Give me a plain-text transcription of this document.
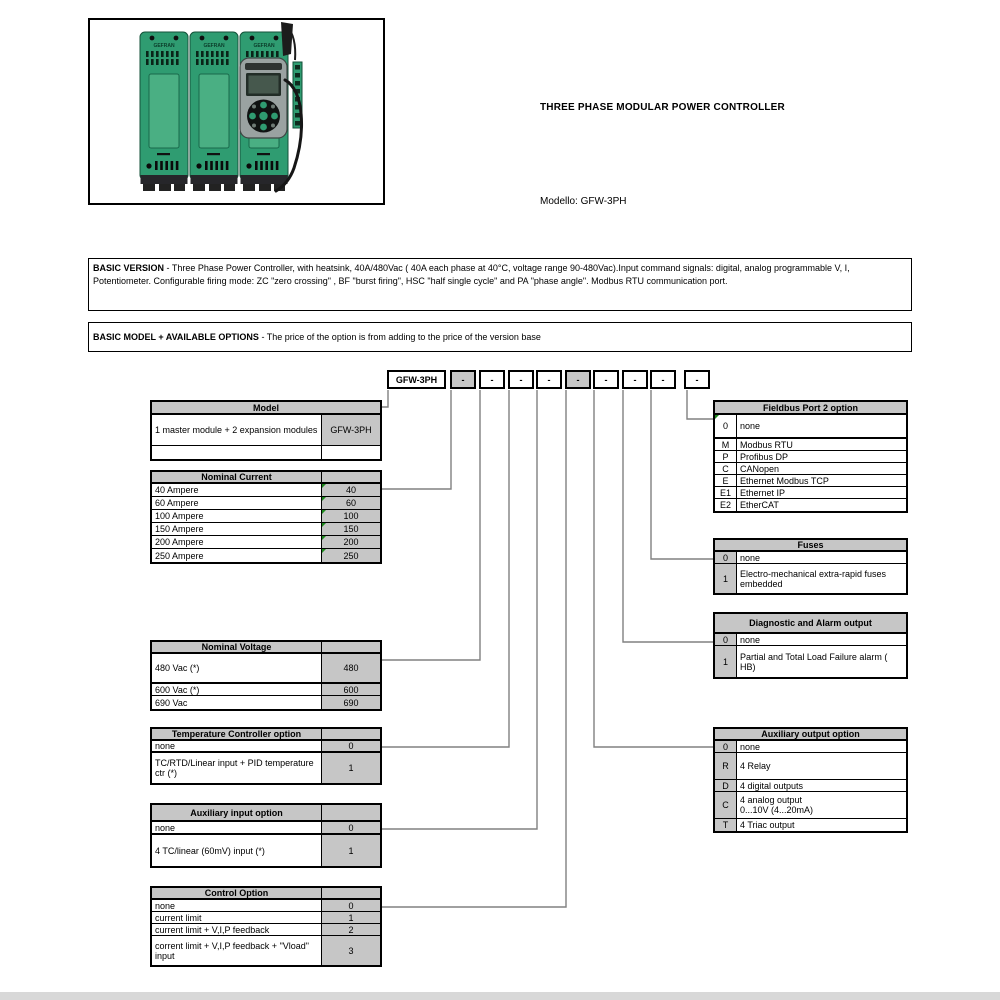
GEFRAN
THREE PHASE MODULAR POWER CONTROLLER
Modello: GFW-3PH
BASIC VERSION - Three Phase Power Controller, with heatsink, 40A/480Vac ( 40A each phase at 40°C, voltage range 90-480Vac).Input command signals: digital, analog programmable V, I, Potentiometer. Configurable firing mode: ZC "zero crossing" , BF "burst firing", HSC "half single cycle" and PA "phase angle". Modbus RTU communication port.
BASIC MODEL + AVAILABLE OPTIONS - The price of the option is from adding to the price of the version base
GFW-3PH	-	-	-	-	-	-	-	-	-
Model
1 master module + 2 expansion modules	GFW-3PH
Nominal Current
40 Ampere	40
60 Ampere	60
100 Ampere	100
150 Ampere	150
200 Ampere	200
250 Ampere	250
Nominal Voltage
480 Vac (*)	480
600 Vac (*)	600
690 Vac	690
Temperature Controller option
none	0
TC/RTD/Linear input + PID temperature ctr (*)	1
Auxiliary input option
none	0
4 TC/linear (60mV) input (*)	1
Control Option
none	0
current limit	1
current limit + V,I,P feedback	2
corrent limit + V,I,P feedback + "Vload" input	3
Fieldbus Port 2 option
0	none
M	Modbus RTU
P	Profibus DP
C	CANopen
E	Ethernet Modbus TCP
E1	Ethernet IP
E2	EtherCAT
Fuses
0	none
1	Electro-mechanical extra-rapid fuses embedded
Diagnostic and Alarm output
0	none
1	Partial and Total Load Failure alarm ( HB)
Auxiliary output option
0	none
R	4 Relay
D	4 digital outputs
C	4 analog output
0...10V (4...20mA)
T	4 Triac output
